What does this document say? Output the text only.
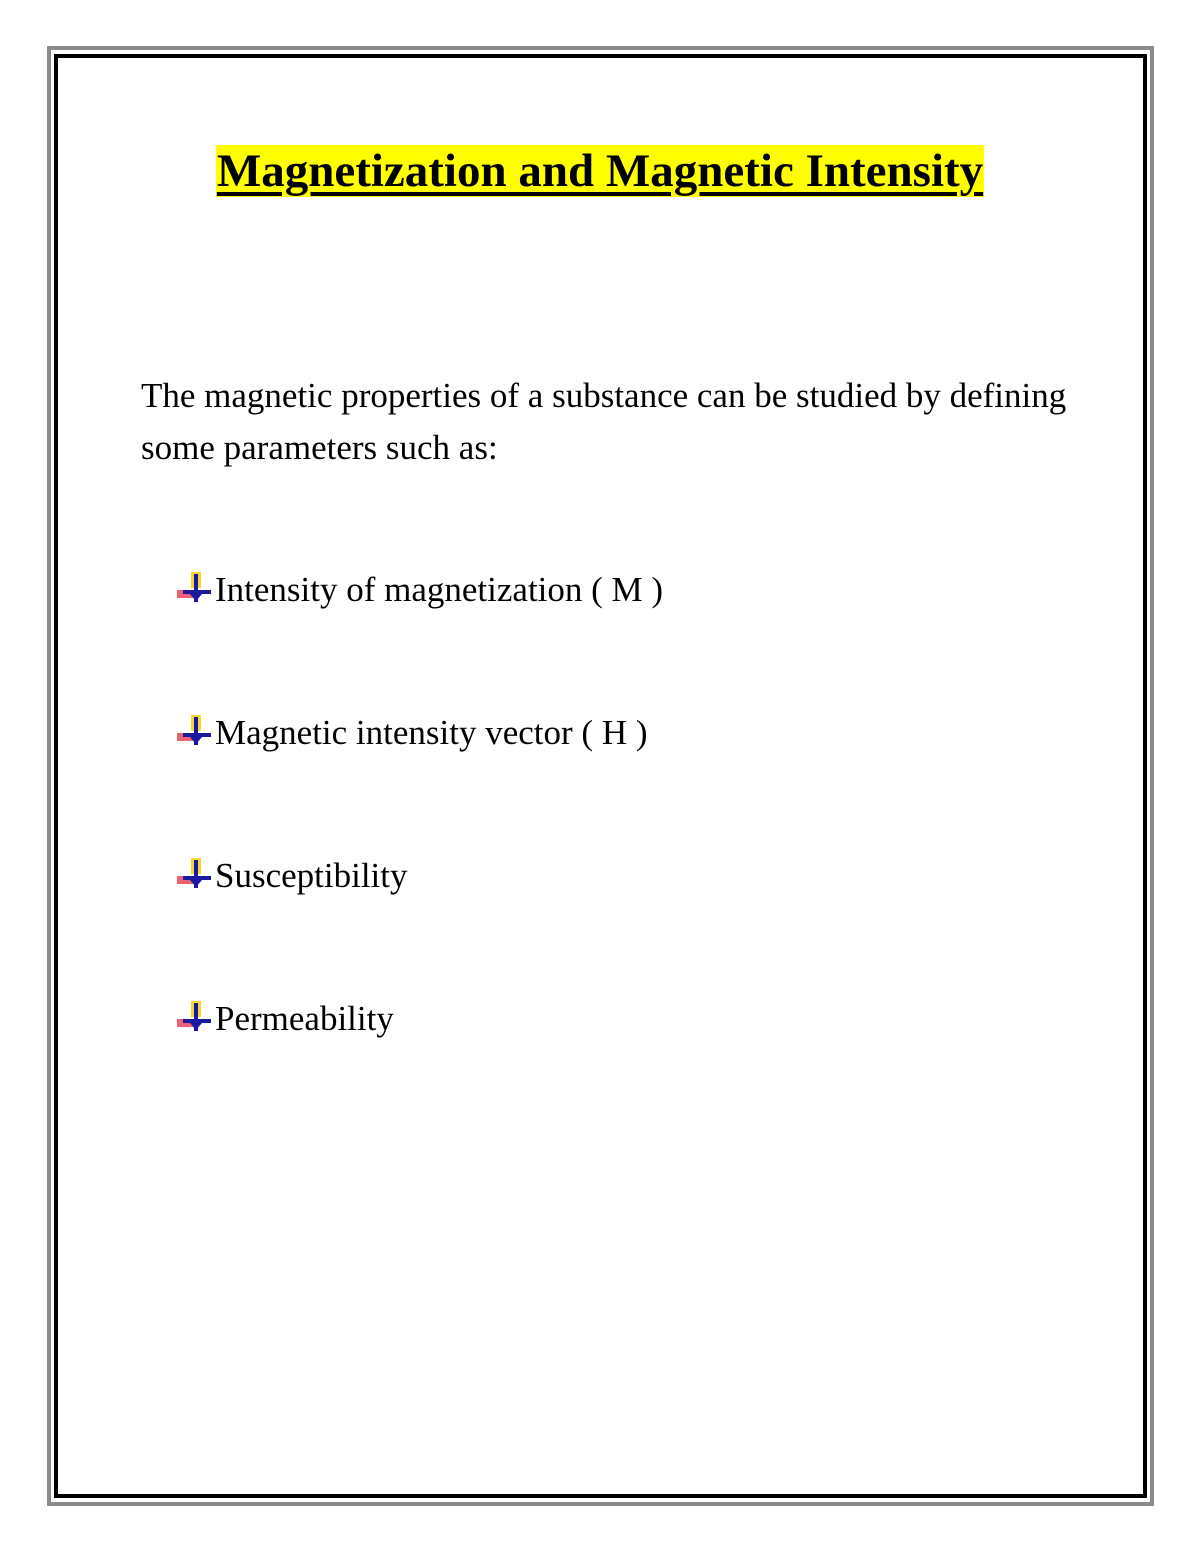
Magnetization and Magnetic Intensity

The magnetic properties of a substance can be studied by defining some parameters such as:

Intensity of magnetization ( M )
Magnetic intensity vector ( H )
Susceptibility
Permeability
